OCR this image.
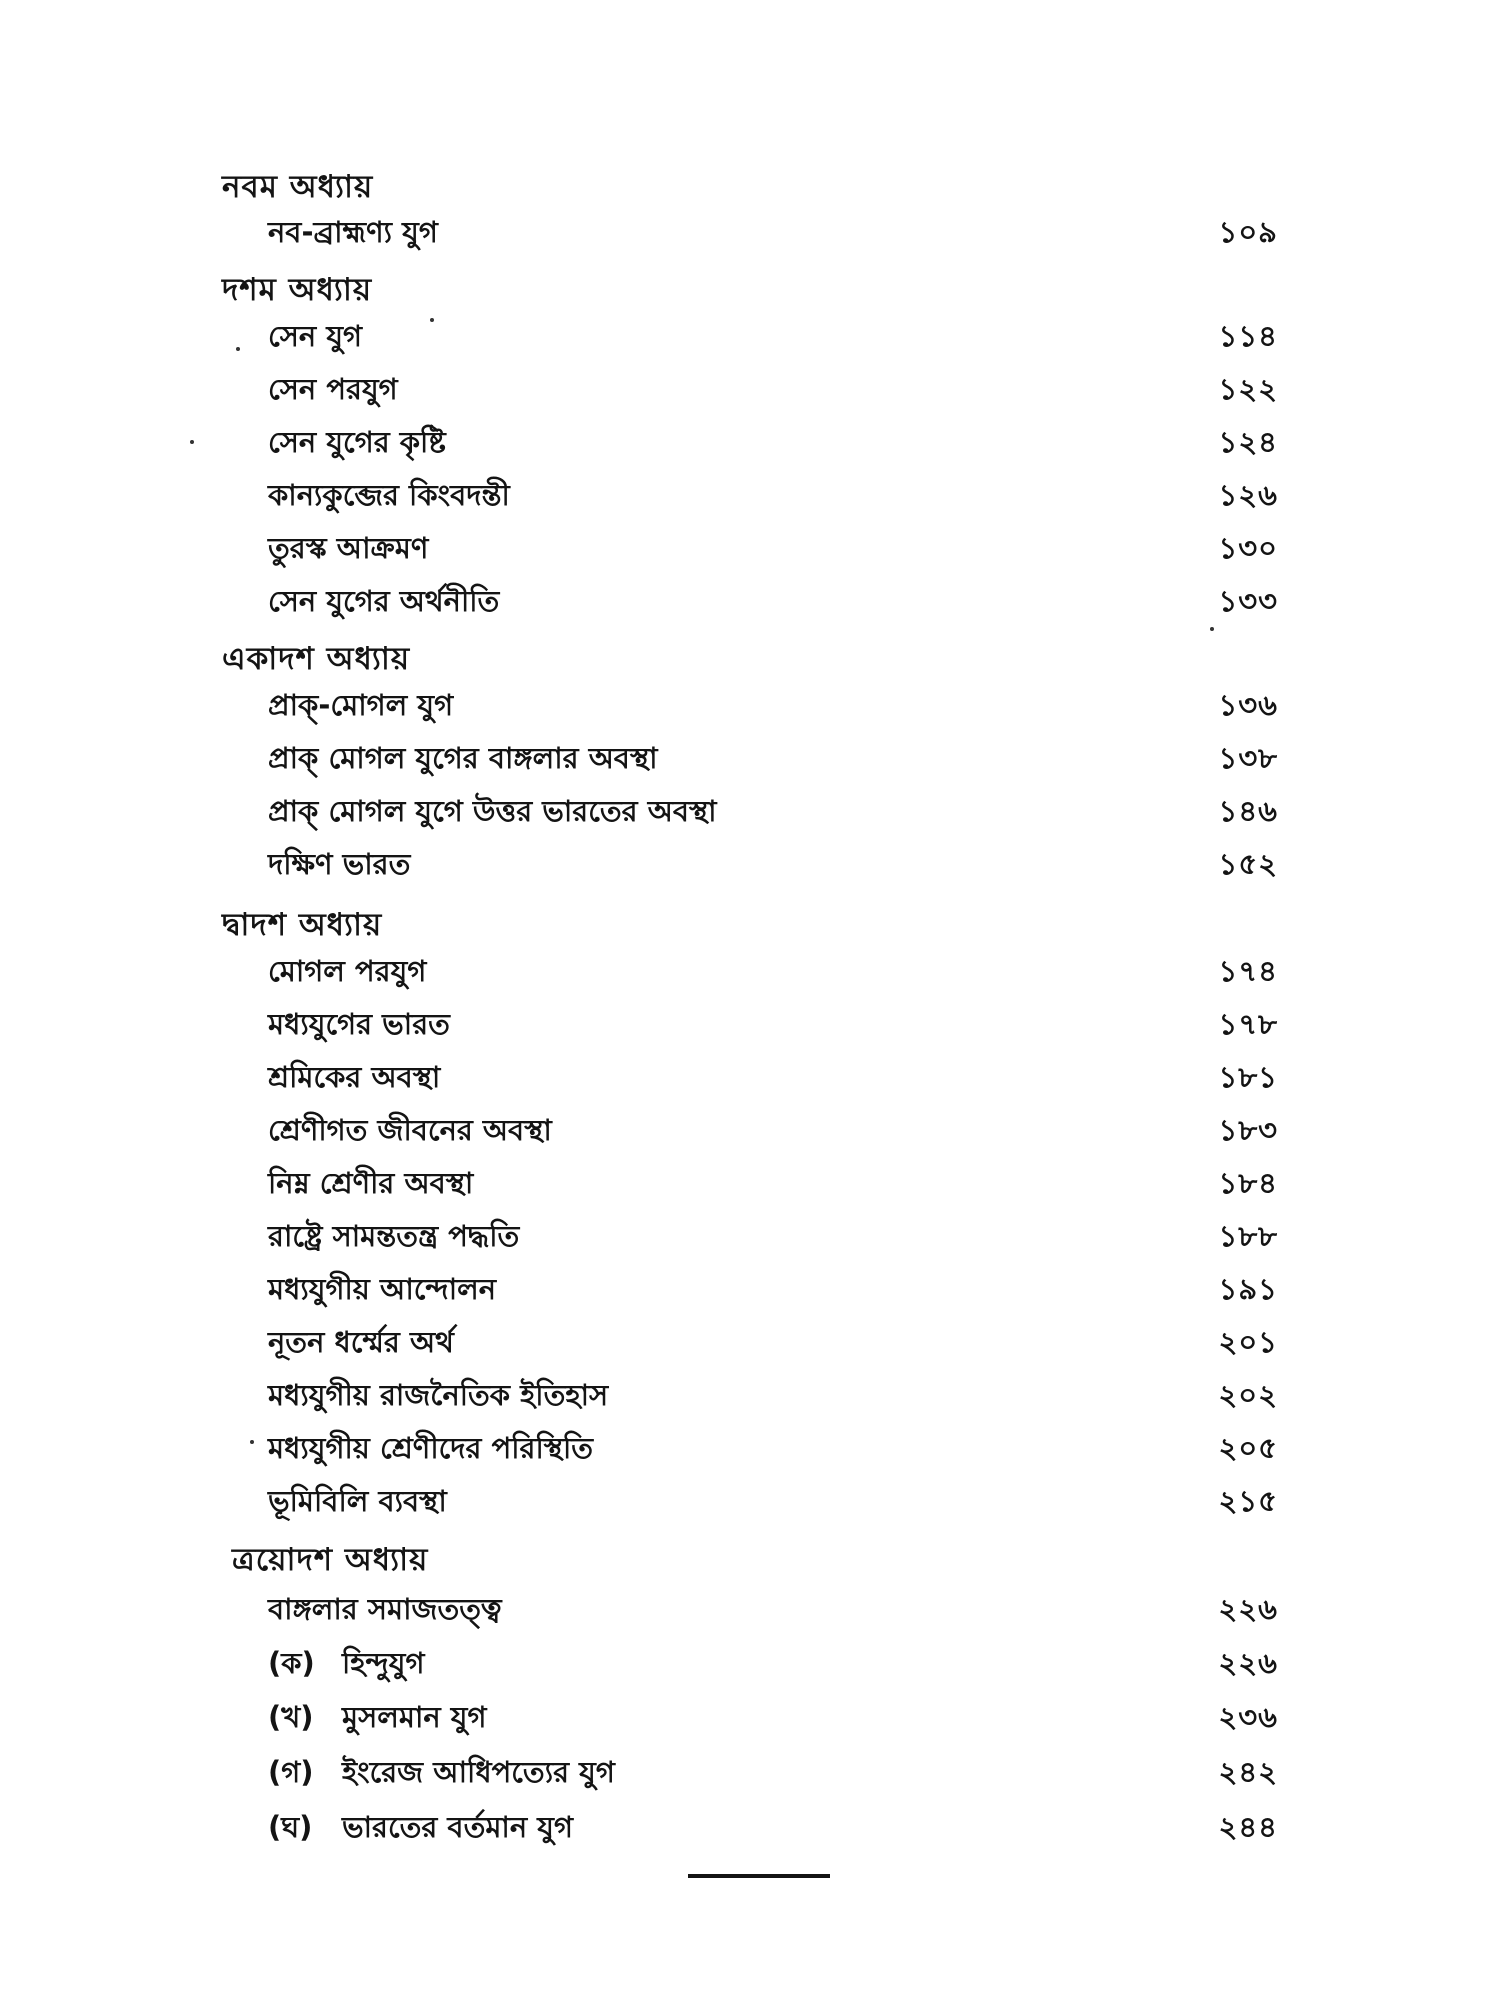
নবম অধ্যায়
নব-ব্রাহ্মণ্য যুগ	১০৯
দশম অধ্যায়
সেন যুগ	১১৪
সেন পরযুগ	১২২
সেন যুগের কৃষ্টি	১২৪
কান্যকুব্জের কিংবদন্তী	১২৬
তুরস্ক আক্রমণ	১৩০
সেন যুগের অর্থনীতি	১৩৩
একাদশ অধ্যায়
প্রাক্-মোগল যুগ	১৩৬
প্রাক্ মোগল যুগের বাঙ্গলার অবস্থা	১৩৮
প্রাক্ মোগল যুগে উত্তর ভারতের অবস্থা	১৪৬
দক্ষিণ ভারত	১৫২
দ্বাদশ অধ্যায়
মোগল পরযুগ	১৭৪
মধ্যযুগের ভারত	১৭৮
শ্রমিকের অবস্থা	১৮১
শ্রেণীগত জীবনের অবস্থা	১৮৩
নিম্ন শ্রেণীর অবস্থা	১৮৪
রাষ্ট্রে সামন্ততন্ত্র পদ্ধতি	১৮৮
মধ্যযুগীয় আন্দোলন	১৯১
নূতন ধর্ম্মের অর্থ	২০১
মধ্যযুগীয় রাজনৈতিক ইতিহাস	২০২
মধ্যযুগীয় শ্রেণীদের পরিস্থিতি	২০৫
ভূমিবিলি ব্যবস্থা	২১৫
ত্রয়োদশ অধ্যায়
বাঙ্গলার সমাজতত্ত্ব	২২৬
(ক) হিন্দুযুগ	২২৬
(খ) মুসলমান যুগ	২৩৬
(গ) ইংরেজ আধিপত্যের যুগ	২৪২
(ঘ) ভারতের বর্তমান যুগ	২৪৪
